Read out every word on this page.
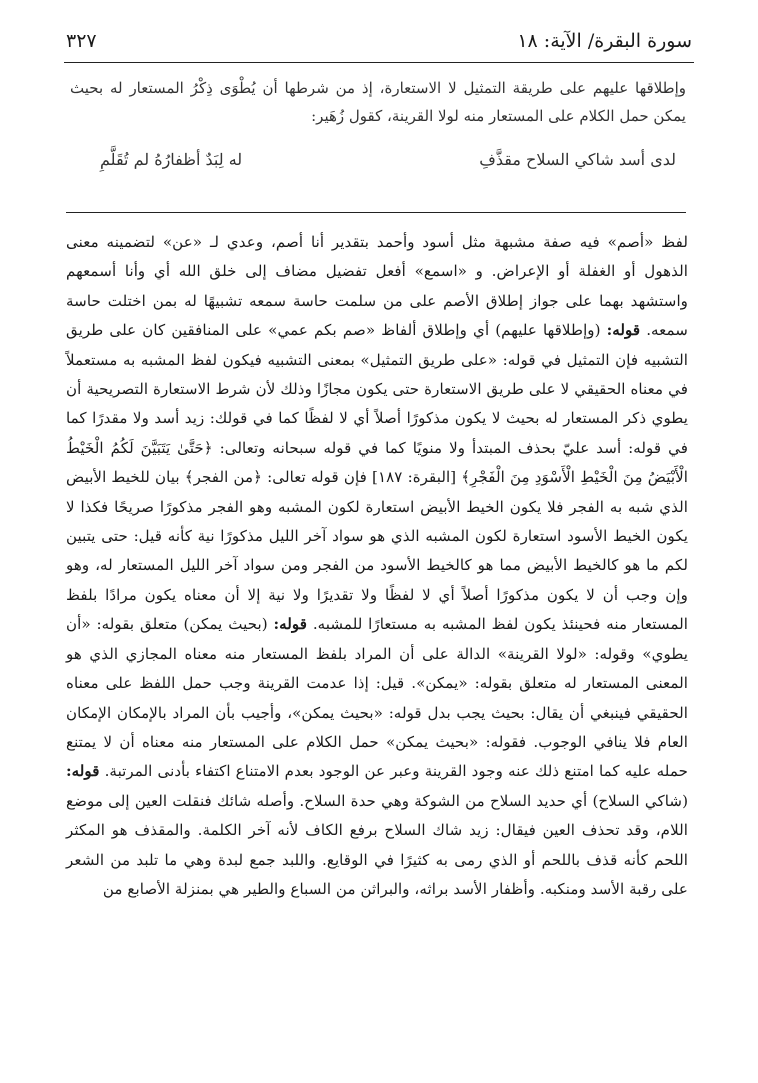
سورة البقرة/ الآية: ١٨
٣٢٧

وإطلاقها عليهم على طريقة التمثيل لا الاستعارة، إذ من شرطها أن يُطْوَى ذِكْرُ المستعار له بحيث يمكن حمل الكلام على المستعار منه لولا القرينة، كقول زُهَير:

لدى أسد شاكي السلاح مقذَّفِ
له لِبَدٌ أظفارُهُ لم تُقَلَّمِ

لفظ «أصم» فيه صفة مشبهة مثل أسود وأحمد بتقدير أنا أصم، وعدي لـ «عن» لتضمينه معنى الذهول أو الغفلة أو الإعراض. و «اسمع» أفعل تفضيل مضاف إلى خلق الله أي وأنا أسمعهم واستشهد بهما على جواز إطلاق الأصم على من سلمت حاسة سمعه تشبيهًا له بمن اختلت حاسة سمعه. قوله: (وإطلاقها عليهم) أي وإطلاق ألفاظ «صم بكم عمي» على المنافقين كان على طريق التشبيه فإن التمثيل في قوله: «على طريق التمثيل» بمعنى التشبيه فيكون لفظ المشبه به مستعملاً في معناه الحقيقي لا على طريق الاستعارة حتى يكون مجازًا وذلك لأن شرط الاستعارة التصريحية أن يطوي ذكر المستعار له بحيث لا يكون مذكورًا أصلاً أي لا لفظًا كما في قولك: زيد أسد ولا مقدرًا كما في قوله: أسد عليّ بحذف المبتدأ ولا منويًا كما في قوله سبحانه وتعالى: ﴿حَتَّىٰ يَتَبَيَّنَ لَكُمُ الْخَيْطُ الْأَبْيَضُ مِنَ الْخَيْطِ الْأَسْوَدِ مِنَ الْفَجْرِ﴾ [البقرة: ١٨٧] فإن قوله تعالى: ﴿من الفجر﴾ بيان للخيط الأبيض الذي شبه به الفجر فلا يكون الخيط الأبيض استعارة لكون المشبه وهو الفجر مذكورًا صريحًا فكذا لا يكون الخيط الأسود استعارة لكون المشبه الذي هو سواد آخر الليل مذكورًا نية كأنه قيل: حتى يتبين لكم ما هو كالخيط الأبيض مما هو كالخيط الأسود من الفجر ومن سواد آخر الليل المستعار له، وهو وإن وجب أن لا يكون مذكورًا أصلاً أي لا لفظًا ولا تقديرًا ولا نية إلا أن معناه يكون مرادًا بلفظ المستعار منه فحينئذ يكون لفظ المشبه به مستعارًا للمشبه. قوله: (بحيث يمكن) متعلق بقوله: «أن يطوي» وقوله: «لولا القرينة» الدالة على أن المراد بلفظ المستعار منه معناه المجازي الذي هو المعنى المستعار له متعلق بقوله: «يمكن». قيل: إذا عدمت القرينة وجب حمل اللفظ على معناه الحقيقي فينبغي أن يقال: بحيث يجب بدل قوله: «بحيث يمكن»، وأجيب بأن المراد بالإمكان الإمكان العام فلا ينافي الوجوب. فقوله: «بحيث يمكن» حمل الكلام على المستعار منه معناه أن لا يمتنع حمله عليه كما امتنع ذلك عنه وجود القرينة وعبر عن الوجود بعدم الامتناع اكتفاء بأدنى المرتبة. قوله: (شاكي السلاح) أي حديد السلاح من الشوكة وهي حدة السلاح. وأصله شائك فنقلت العين إلى موضع اللام، وقد تحذف العين فيقال: زيد شاك السلاح برفع الكاف لأنه آخر الكلمة. والمقذف هو المكثر اللحم كأنه قذف باللحم أو الذي رمى به كثيرًا في الوقايع. واللبد جمع لبدة وهي ما تلبد من الشعر على رقبة الأسد ومنكبه. وأظفار الأسد براثه، والبراثن من السباع والطير هي بمنزلة الأصابع من
